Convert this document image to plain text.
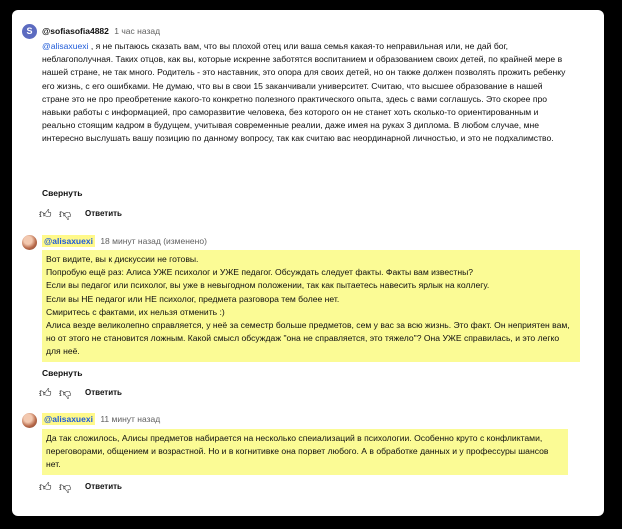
S	@sofiasofia4882 1 час назад
@alisaxuexi , я не пытаюсь сказать вам, что вы плохой отец или ваша семья какая-то неправильная или, не дай бог, неблагополучная. Таких отцов, как вы, которые искренне заботятся воспитанием и образованием своих детей, по крайней мере в нашей стране, не так много. Родитель - это наставник, это опора для своих детей, но он также должен позволять прожить ребенку его жизнь, с его ошибками. Не думаю, что вы в свои 15 заканчивали университет. Считаю, что высшее образование в нашей стране это не про преобретение какого-то конкретно полезного практического опыта, здесь с вами соглашусь. Это скорее про навыки работы с информацией, про саморазвитие человека, без которого он не станет хоть сколько-то ориентированным и реально стоящим кадром в будущем, учитывая современные реалии, даже имея на руках 3 диплома. В любом случае, мне интересно выслушать вашу позицию по данному вопросу, так как считаю вас неординарной личностью, и это не подхалимство.
Свернуть
👍︎ 👎︎ Ответить
@alisaxuexi 18 минут назад (изменено)
Вот видите, вы к дискуссии не готовы.
Попробую ещё раз: Алиса УЖЕ психолог и УЖЕ педагог. Обсуждать следует факты. Факты вам известны?
Если вы педагог или психолог, вы уже в невыгодном положении, так как пытаетесь навесить ярлык на коллегу.
Если вы НЕ педагог или НЕ психолог, предмета разговора тем более нет.
Смиритесь с фактами, их нельзя отменить :)
Алиса везде великолепно справляется, у неё за семестр больше предметов, сем у вас за всю жизнь. Это факт. Он неприятен вам, но от этого не становится ложным. Какой смысл обсуждаж "она не справляется, это тяжело"? Она УЖЕ справилась, и это легко для неё.
Свернуть
👍︎ 👎︎ Ответить
@alisaxuexi 11 минут назад
Да так сложилось, Алисы предметов набирается на несколько спеиализаций в психологии. Особенно круто с конфликтами, переговорами, общением и возрастной. Но и в когнитивке она порвет любого. А в обработке данных и у профессуры шансов нет.
👍︎ 👎︎ Ответить
